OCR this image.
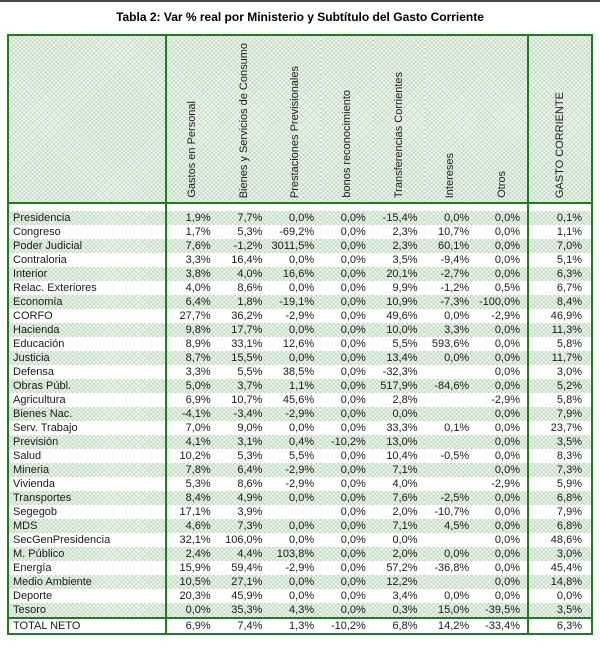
Tabla 2: Var % real por Ministerio y Subtítulo del Gasto Corriente
	Gastos en Personal	Bienes y Servicios de Consumo	Prestaciones Previsionales	bonos reconocimiento	Transferencias Corrientes	Intereses	Otros	GASTO CORRIENTE

Presidencia	1,9%	7,7%	0,0%	0,0%	-15,4%	0,0%	0,0%	0,1%
Congreso	1,7%	5,3%	-69,2%	0,0%	2,3%	10,7%	0,0%	1,1%
Poder Judicial	7,6%	-1,2%	3011,5%	0,0%	2,3%	60,1%	0,0%	7,0%
Contraloria	3,3%	16,4%	0,0%	0,0%	3,5%	-9,4%	0,0%	5,1%
Interior	3,8%	4,0%	16,6%	0,0%	20,1%	-2,7%	0,0%	6,3%
Relac. Exteriores	4,0%	8,6%	0,0%	0,0%	9,9%	-1,2%	0,5%	6,7%
Economía	6,4%	1,8%	-19,1%	0,0%	10,9%	-7,3%	-100,0%	8,4%
CORFO	27,7%	36,2%	-2,9%	0,0%	49,6%	0,0%	-2,9%	46,9%
Hacienda	9,8%	17,7%	0,0%	0,0%	10,0%	3,3%	0,0%	11,3%
Educación	8,9%	33,1%	12,6%	0,0%	5,5%	593,6%	0,0%	5,8%
Justicia	8,7%	15,5%	0,0%	0,0%	13,4%	0,0%	0,0%	11,7%
Defensa	3,3%	5,5%	38,5%	0,0%	-32,3%		0,0%	3,0%
Obras Públ.	5,0%	3,7%	1,1%	0,0%	517,9%	-84,6%	0,0%	5,2%
Agricultura	6,9%	10,7%	45,6%	0,0%	2,8%		-2,9%	5,8%
Bienes Nac.	-4,1%	-3,4%	-2,9%	0,0%	0,0%		0,0%	7,9%
Serv. Trabajo	7,0%	9,0%	0,0%	0,0%	33,3%	0,1%	0,0%	23,7%
Previsión	4,1%	3,1%	0,4%	-10,2%	13,0%		0,0%	3,5%
Salud	10,2%	5,3%	5,5%	0,0%	10,4%	-0,5%	0,0%	8,3%
Mineria	7,8%	6,4%	-2,9%	0,0%	7,1%		0,0%	7,3%
Vivienda	5,3%	8,6%	-2,9%	0,0%	4,0%		-2,9%	5,9%
Transportes	8,4%	4,9%	0,0%	0,0%	7,6%	-2,5%	0,0%	6,8%
Segegob	17,1%	3,9%		0,0%	2,0%	-10,7%	0,0%	7,9%
MDS	4,6%	7,3%	0,0%	0,0%	7,1%	4,5%	0,0%	6,8%
SecGenPresidencia	32,1%	106,0%	0,0%	0,0%	0,0%		0,0%	48,6%
M. Público	2,4%	4,4%	103,8%	0,0%	2,0%	0,0%	0,0%	3,0%
Energía	15,9%	59,4%	-2,9%	0,0%	57,2%	-36,8%	0,0%	45,4%
Medio Ambiente	10,5%	27,1%	0,0%	0,0%	12,2%		0,0%	14,8%
Deporte	20,3%	45,9%	0,0%	0,0%	3,4%	0,0%	0,0%	0,0%
Tesoro	0,0%	35,3%	4,3%	0,0%	0,3%	15,0%	-39,5%	3,5%
TOTAL NETO	6,9%	7,4%	1,3%	-10,2%	6,8%	14,2%	-33,4%	6,3%
